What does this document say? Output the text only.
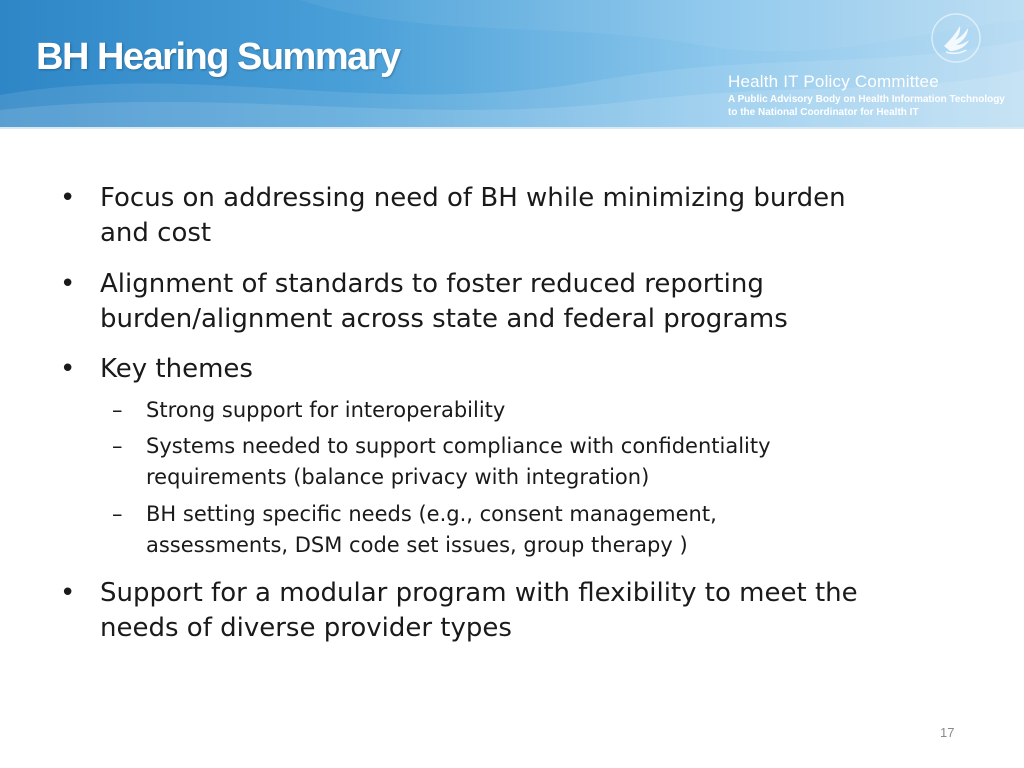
BH Hearing Summary
Health IT Policy Committee
A Public Advisory Body on Health Information Technology
to the National Coordinator for Health IT
• Focus on addressing need of BH while minimizing burden
and cost
• Alignment of standards to foster reduced reporting
burden/alignment across state and federal programs
• Key themes
– Strong support for interoperability
– Systems needed to support compliance with confidentiality
requirements (balance privacy with integration)
– BH setting specific needs (e.g., consent management,
assessments, DSM code set issues, group therapy )
• Support for a modular program with flexibility to meet the
needs of diverse provider types
17
